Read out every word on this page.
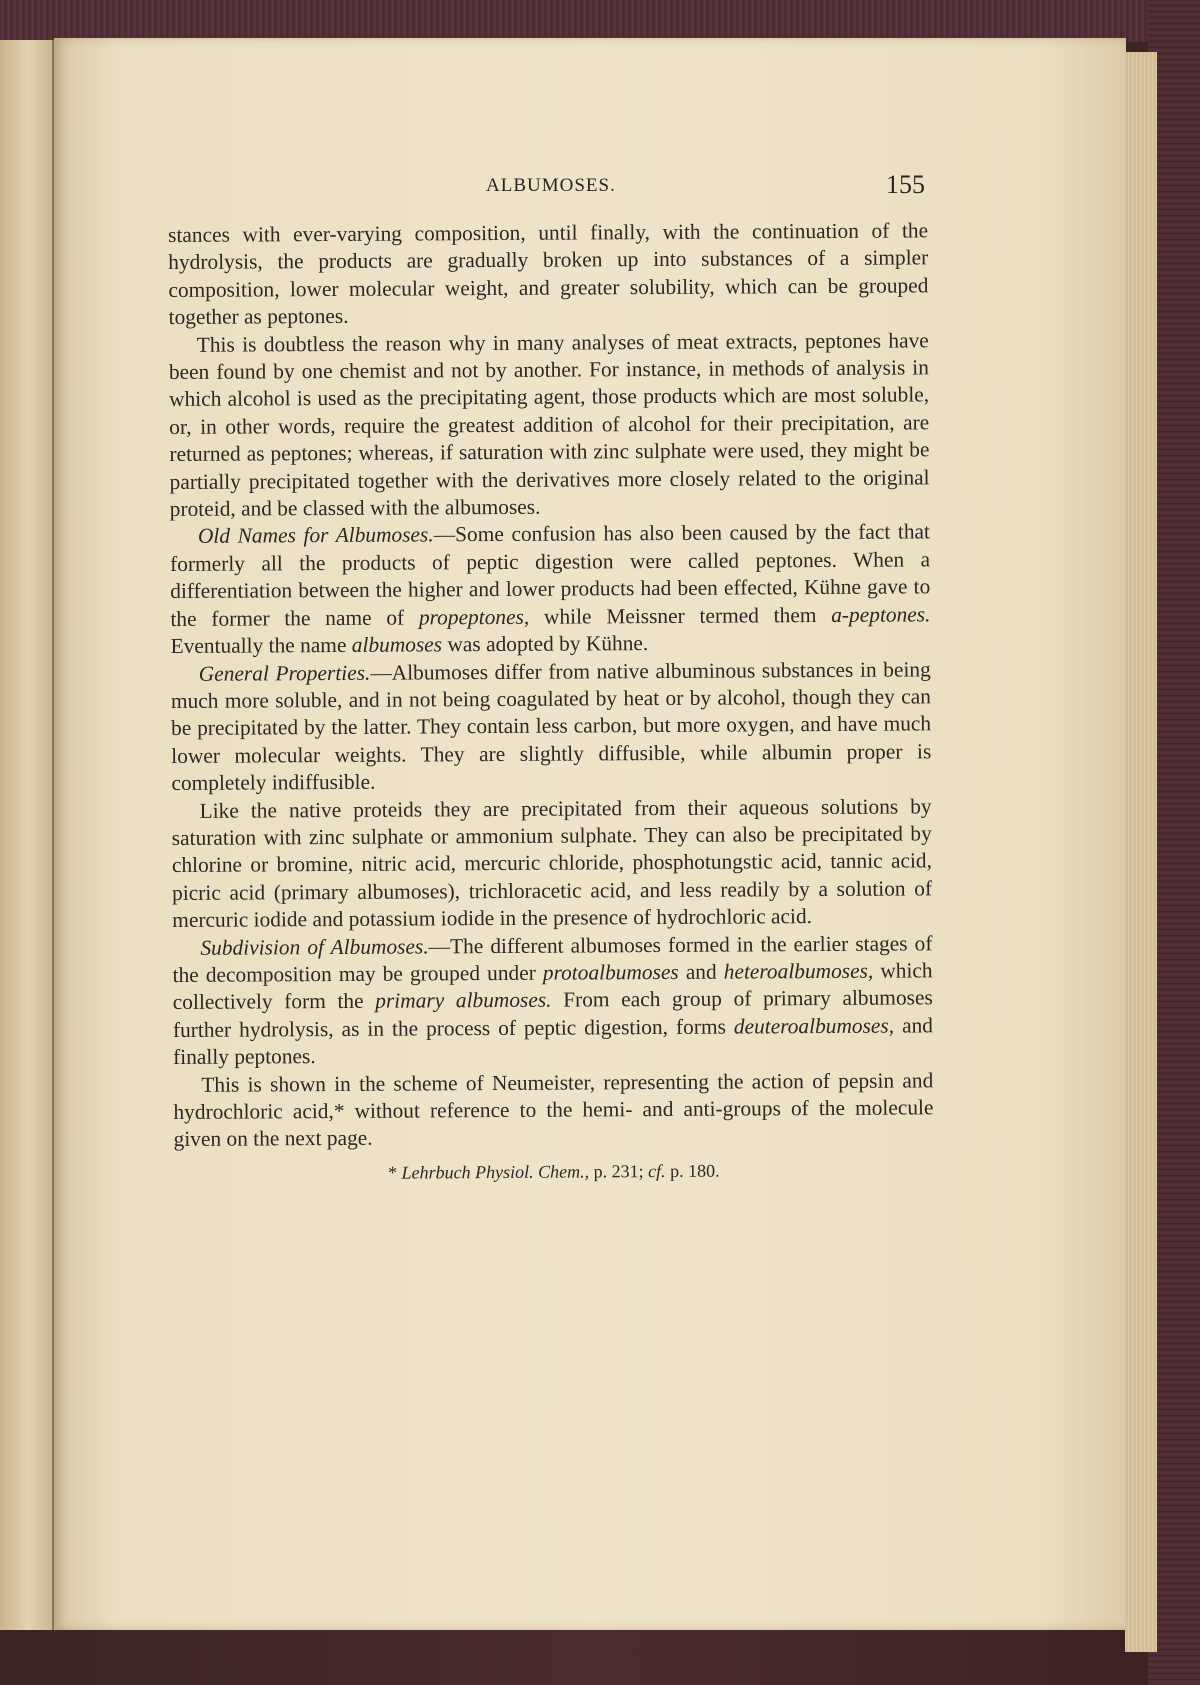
ALBUMOSES.	155

stances with ever-varying composition, until finally, with the continuation of the hydrolysis, the products are gradually broken up into substances of a simpler composition, lower molecular weight, and greater solubility, which can be grouped together as peptones.

This is doubtless the reason why in many analyses of meat extracts, peptones have been found by one chemist and not by another. For instance, in methods of analysis in which alcohol is used as the precipitating agent, those products which are most soluble, or, in other words, require the greatest addition of alcohol for their precipitation, are returned as peptones; whereas, if saturation with zinc sulphate were used, they might be partially precipitated together with the derivatives more closely related to the original proteid, and be classed with the albumoses.

Old Names for Albumoses.—Some confusion has also been caused by the fact that formerly all the products of peptic digestion were called peptones. When a differentiation between the higher and lower products had been effected, Kühne gave to the former the name of propeptones, while Meissner termed them a-peptones. Eventually the name albumoses was adopted by Kühne.

General Properties.—Albumoses differ from native albuminous substances in being much more soluble, and in not being coagulated by heat or by alcohol, though they can be precipitated by the latter. They contain less carbon, but more oxygen, and have much lower molecular weights. They are slightly diffusible, while albumin proper is completely indiffusible.

Like the native proteids they are precipitated from their aqueous solutions by saturation with zinc sulphate or ammonium sulphate. They can also be precipitated by chlorine or bromine, nitric acid, mercuric chloride, phosphotungstic acid, tannic acid, picric acid (primary albumoses), trichloracetic acid, and less readily by a solution of mercuric iodide and potassium iodide in the presence of hydrochloric acid.

Subdivision of Albumoses.—The different albumoses formed in the earlier stages of the decomposition may be grouped under protoalbumoses and heteroalbumoses, which collectively form the primary albumoses. From each group of primary albumoses further hydrolysis, as in the process of peptic digestion, forms deuteroalbumoses, and finally peptones.

This is shown in the scheme of Neumeister, representing the action of pepsin and hydrochloric acid,* without reference to the hemi- and anti-groups of the molecule given on the next page.

* Lehrbuch Physiol. Chem., p. 231; cf. p. 180.
